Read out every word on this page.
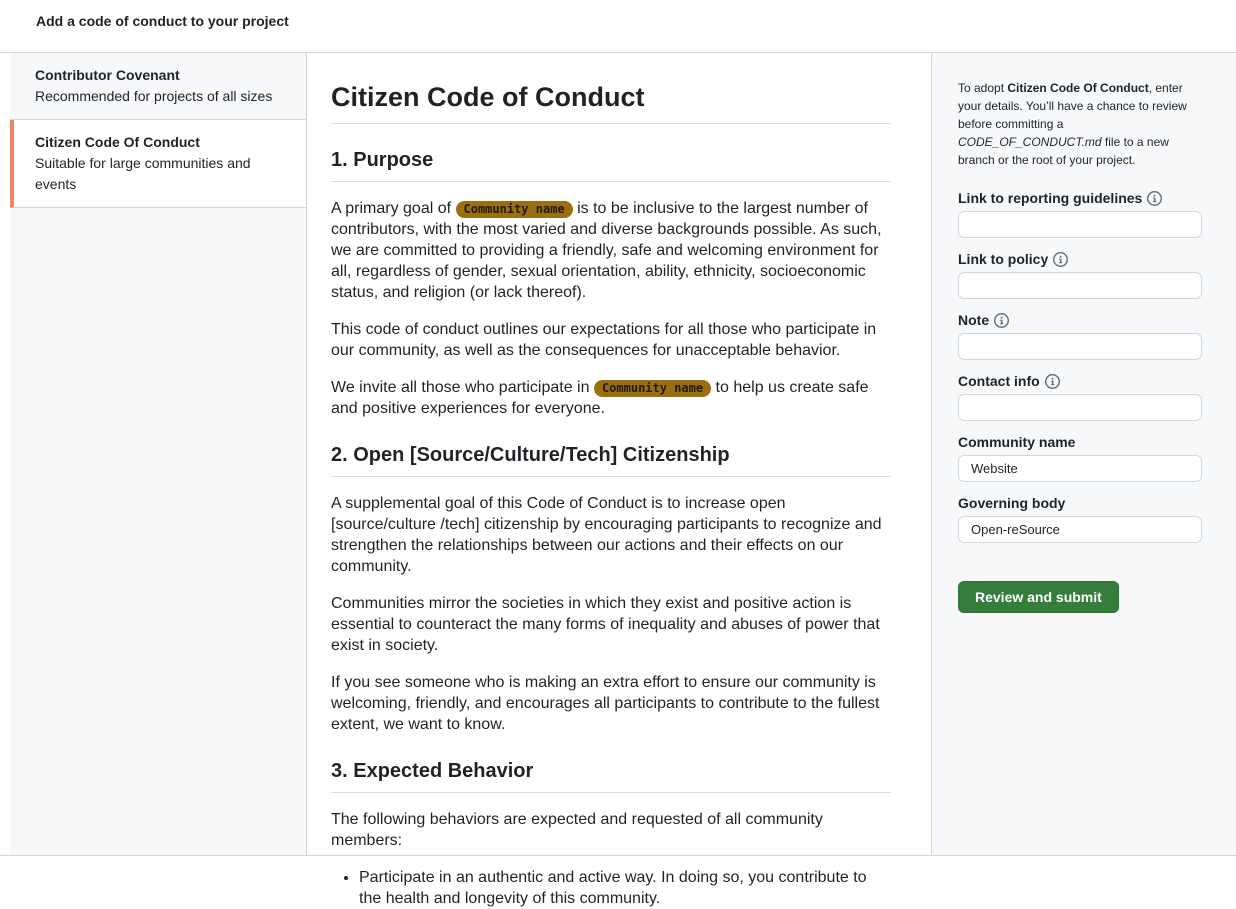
Add a code of conduct to your project
Contributor Covenant
Recommended for projects of all sizes
Citizen Code Of Conduct
Suitable for large communities and events
Citizen Code of Conduct
1. Purpose

A primary goal of Community name is to be inclusive to the largest number of contributors, with the most varied and diverse backgrounds possible. As such, we are committed to providing a friendly, safe and welcoming environment for all, regardless of gender, sexual orientation, ability, ethnicity, socioeconomic status, and religion (or lack thereof).

This code of conduct outlines our expectations for all those who participate in our community, as well as the consequences for unacceptable behavior.

We invite all those who participate in Community name to help us create safe and positive experiences for everyone.

2. Open [Source/Culture/Tech] Citizenship

A supplemental goal of this Code of Conduct is to increase open [source/culture /tech] citizenship by encouraging participants to recognize and strengthen the relationships between our actions and their effects on our community.

Communities mirror the societies in which they exist and positive action is essential to counteract the many forms of inequality and abuses of power that exist in society.

If you see someone who is making an extra effort to ensure our community is welcoming, friendly, and encourages all participants to contribute to the fullest extent, we want to know.

3. Expected Behavior

The following behaviors are expected and requested of all community members:

• Participate in an authentic and active way. In doing so, you contribute to the health and longevity of this community.

To adopt Citizen Code Of Conduct, enter your details. You’ll have a chance to review before committing a CODE_OF_CONDUCT.md file to a new branch or the root of your project.

Link to reporting guidelines
Link to policy
Note
Contact info
Community name
Website
Governing body
Open-reSource
Review and submit
